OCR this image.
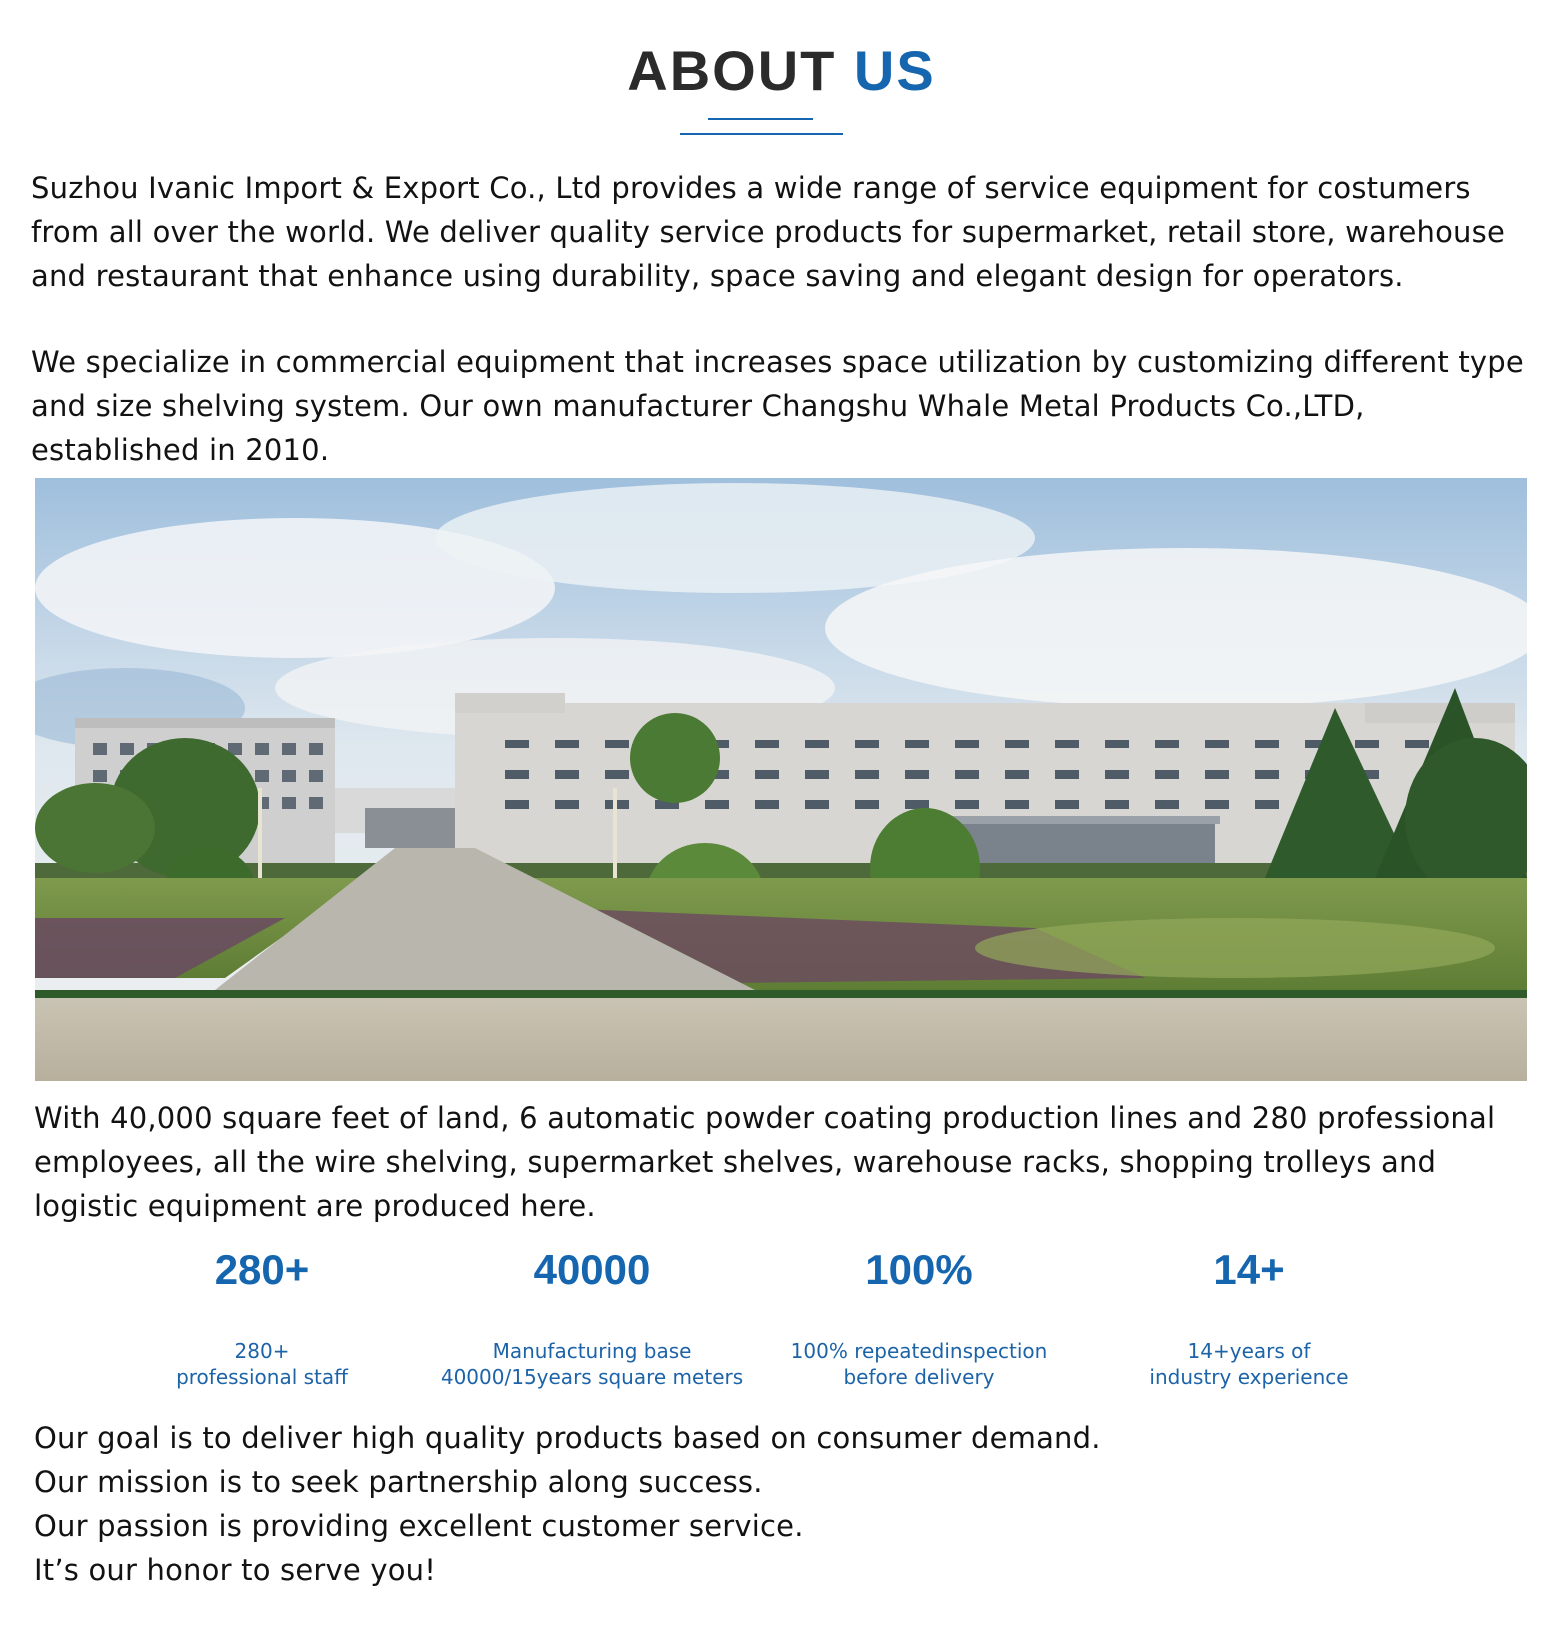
ABOUT US

Suzhou Ivanic Import & Export Co., Ltd provides a wide range of service equipment for costumers from all over the world. We deliver quality service products for supermarket, retail store, warehouse and restaurant that enhance using durability, space saving and elegant design for operators.

We specialize in commercial equipment that increases space utilization by customizing different type and size shelving system. Our own manufacturer Changshu Whale Metal Products Co.,LTD, established in 2010.

With 40,000 square feet of land, 6 automatic powder coating production lines and 280 professional employees, all the wire shelving, supermarket shelves, warehouse racks, shopping trolleys and logistic equipment are produced here.

280+
280+
professional staff
40000
Manufacturing base
40000/15years square meters
100%
100% repeatedinspection
before delivery
14+
14+years of
industry experience
Our goal is to deliver high quality products based on consumer demand.
Our mission is to seek partnership along success.
Our passion is providing excellent customer service.
It’s our honor to serve you!
